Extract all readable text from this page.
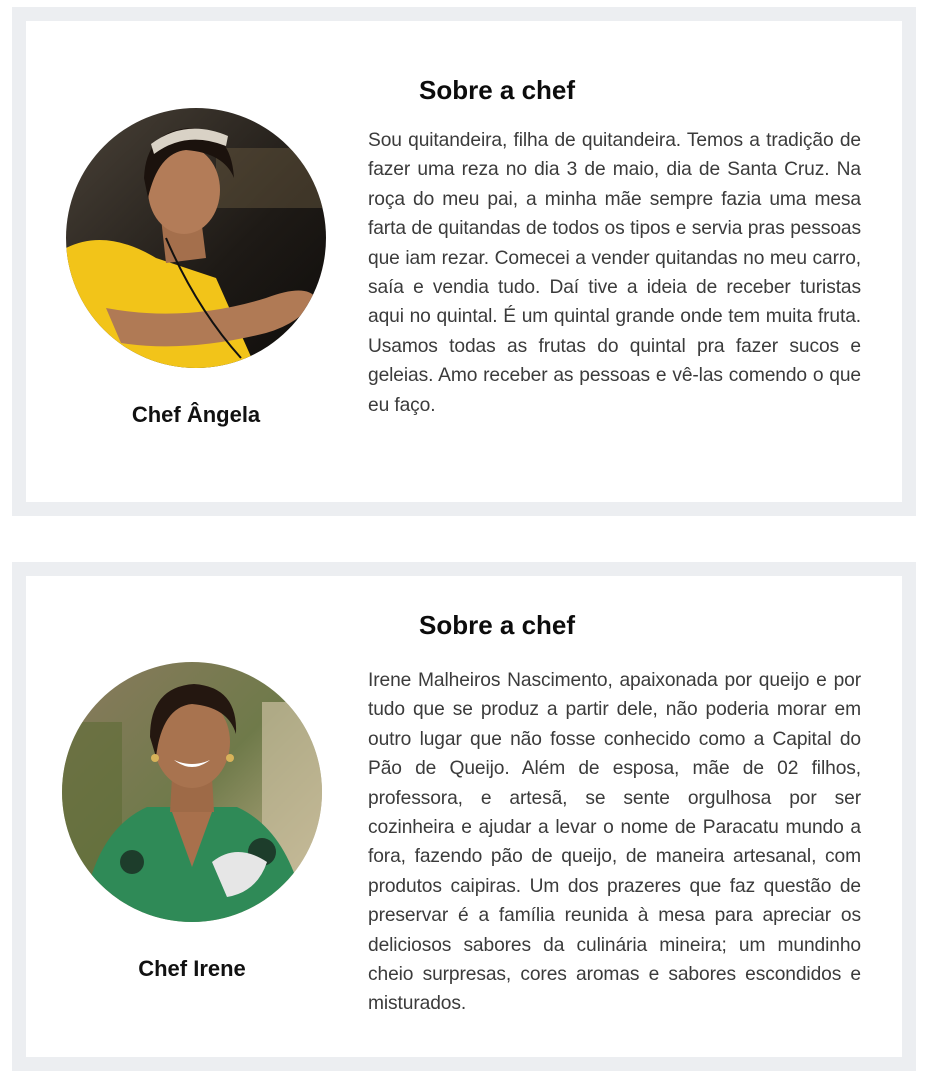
Chef Ângela
Sobre a chef

Sou quitandeira, filha de quitandeira. Temos a tradição de fazer uma reza no dia 3 de maio, dia de Santa Cruz. Na roça do meu pai, a minha mãe sempre fazia uma mesa farta de quitandas de todos os tipos e servia pras pessoas que iam rezar. Comecei a vender quitandas no meu carro, saía e vendia tudo. Daí tive a ideia de receber turistas aqui no quintal. É um quintal grande onde tem muita fruta. Usamos todas as frutas do quintal pra fazer sucos e geleias. Amo receber as pessoas e vê-las comendo o que eu faço.

Chef Irene
Sobre a chef

Irene Malheiros Nascimento, apaixonada por queijo e por tudo que se produz a partir dele, não poderia morar em outro lugar que não fosse conhecido como a Capital do Pão de Queijo. Além de esposa, mãe de 02 filhos, professora, e artesã, se sente orgulhosa por ser cozinheira e ajudar a levar o nome de Paracatu mundo a fora, fazendo pão de queijo, de maneira artesanal, com produtos caipiras. Um dos prazeres que faz questão de preservar é a família reunida à mesa para apreciar os deliciosos sabores da culinária mineira; um mundinho cheio surpresas, cores aromas e sabores escondidos e misturados.
